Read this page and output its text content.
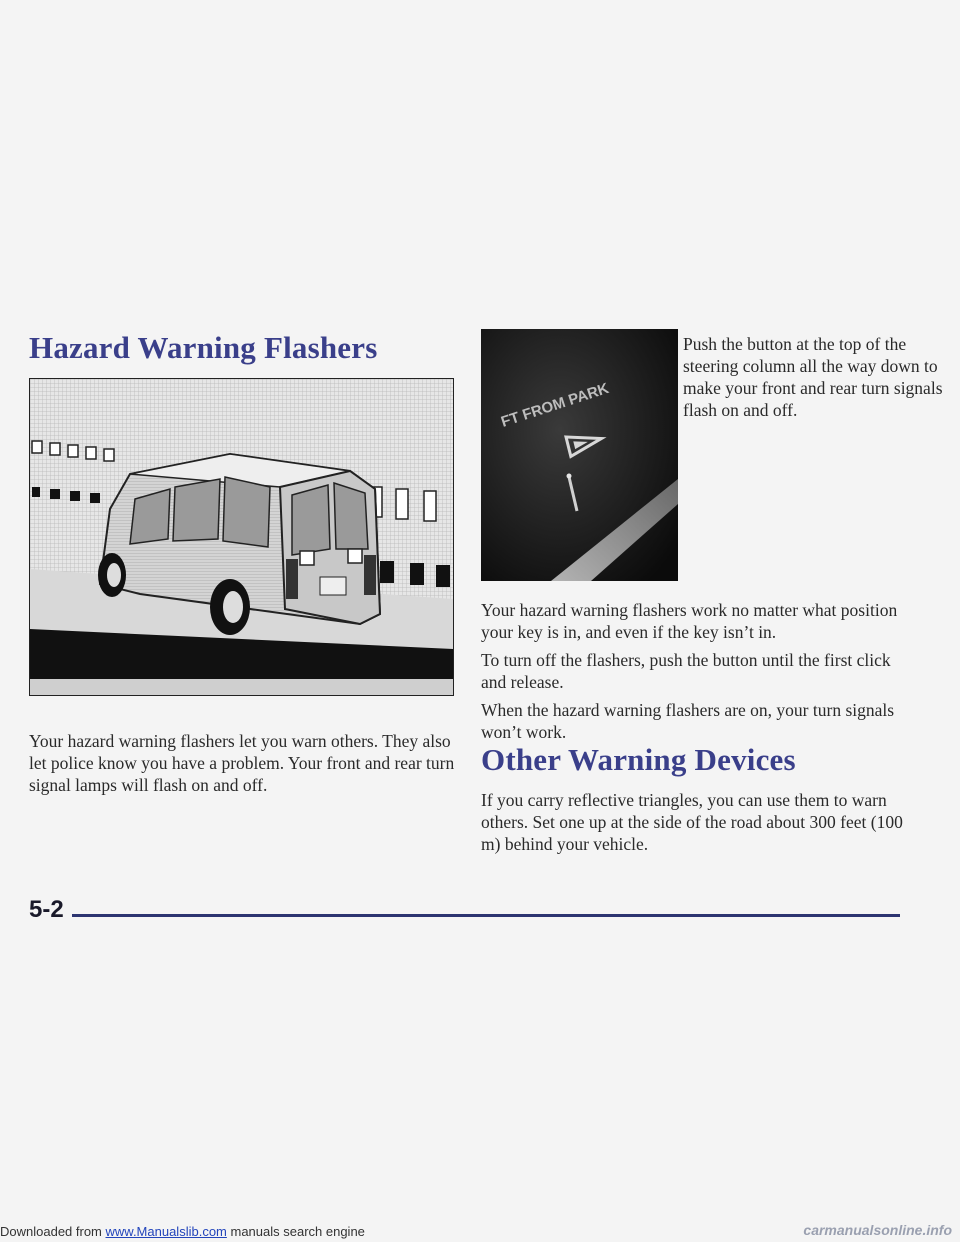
Hazard Warning Flashers

Your hazard warning flashers let you warn others. They also let police know you have a problem. Your front and rear turn signal lamps will flash on and off.

FT FROM PARK

Push the button at the top of the steering column all the way down to make your front and rear turn signals flash on and off.

Your hazard warning flashers work no matter what position your key is in, and even if the key isn’t in.

To turn off the flashers, push the button until the first click and release.

When the hazard warning flashers are on, your turn signals won’t work.

Other Warning Devices

If you carry reflective triangles, you can use them to warn others. Set one up at the side of the road about 300 feet (100 m) behind your vehicle.

5-2

Downloaded from www.Manualslib.com manuals search engine	carmanualsonline.info
